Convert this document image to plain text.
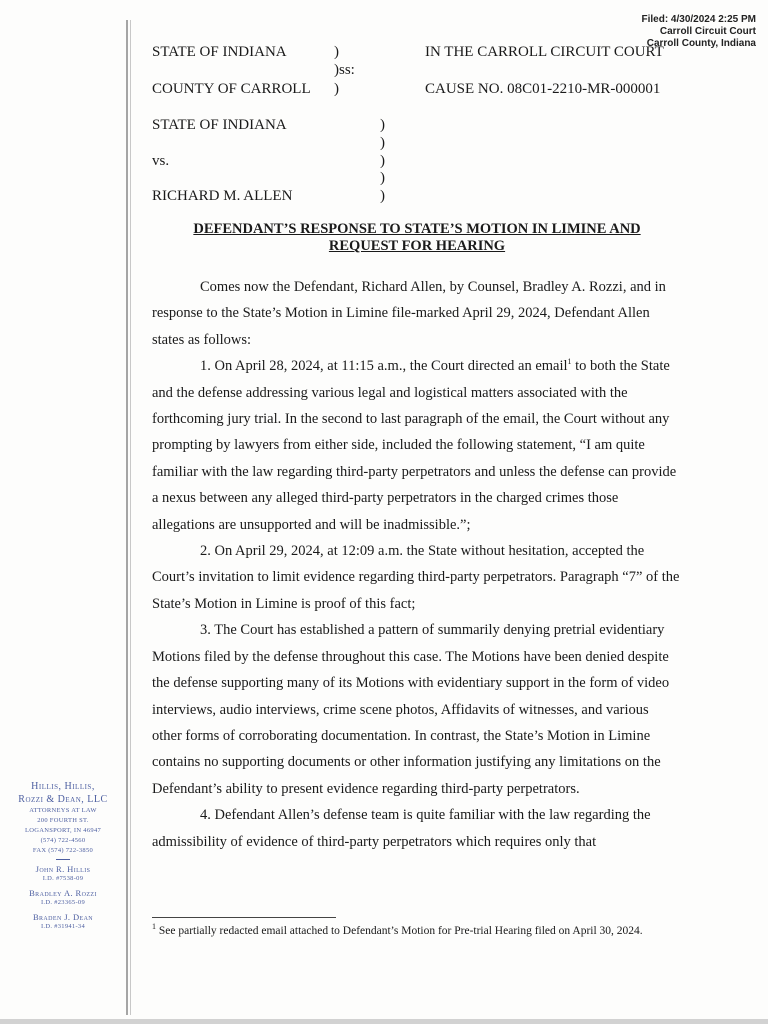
Filed: 4/30/2024 2:25 PM
Carroll Circuit Court
Carroll County, Indiana
STATE OF INDIANA	)
)ss:
)
COUNTY OF CARROLL
IN THE CARROLL CIRCUIT COURT
CAUSE NO. 08C01-2210-MR-000001
STATE OF INDIANA
vs.
RICHARD M. ALLEN
)
)
)
)
)
DEFENDANT’S RESPONSE TO STATE’S MOTION IN LIMINE AND
REQUEST FOR HEARING

Comes now the Defendant, Richard Allen, by Counsel, Bradley A. Rozzi, and in response to the State’s Motion in Limine file-marked April 29, 2024, Defendant Allen states as follows:

1. On April 28, 2024, at 11:15 a.m., the Court directed an email$^1$ to both the State and the defense addressing various legal and logistical matters associated with the forthcoming jury trial. In the second to last paragraph of the email, the Court without any prompting by lawyers from either side, included the following statement, “I am quite familiar with the law regarding third-party perpetrators and unless the defense can provide a nexus between any alleged third-party perpetrators in the charged crimes those allegations are unsupported and will be inadmissible.”;

2. On April 29, 2024, at 12:09 a.m. the State without hesitation, accepted the Court’s invitation to limit evidence regarding third-party perpetrators. Paragraph “7” of the State’s Motion in Limine is proof of this fact;

3. The Court has established a pattern of summarily denying pretrial evidentiary Motions filed by the defense throughout this case. The Motions have been denied despite the defense supporting many of its Motions with evidentiary support in the form of video interviews, audio interviews, crime scene photos, Affidavits of witnesses, and various other forms of corroborating documentation. In contrast, the State’s Motion in Limine contains no supporting documents or other information justifying any limitations on the Defendant’s ability to present evidence regarding third-party perpetrators.

4. Defendant Allen’s defense team is quite familiar with the law regarding the admissibility of evidence of third-party perpetrators which requires only that

$^1$ See partially redacted email attached to Defendant’s Motion for Pre-trial Hearing filed on April 30, 2024.
Hillis, Hillis,
Rozzi & Dean, LLC
ATTORNEYS AT LAW
200 FOURTH ST.
LOGANSPORT, IN 46947
(574) 722-4560
FAX (574) 722-3850
John R. Hillis
I.D. #7538-09
Bradley A. Rozzi
I.D. #23365-09
Braden J. Dean
I.D. #31941-34
